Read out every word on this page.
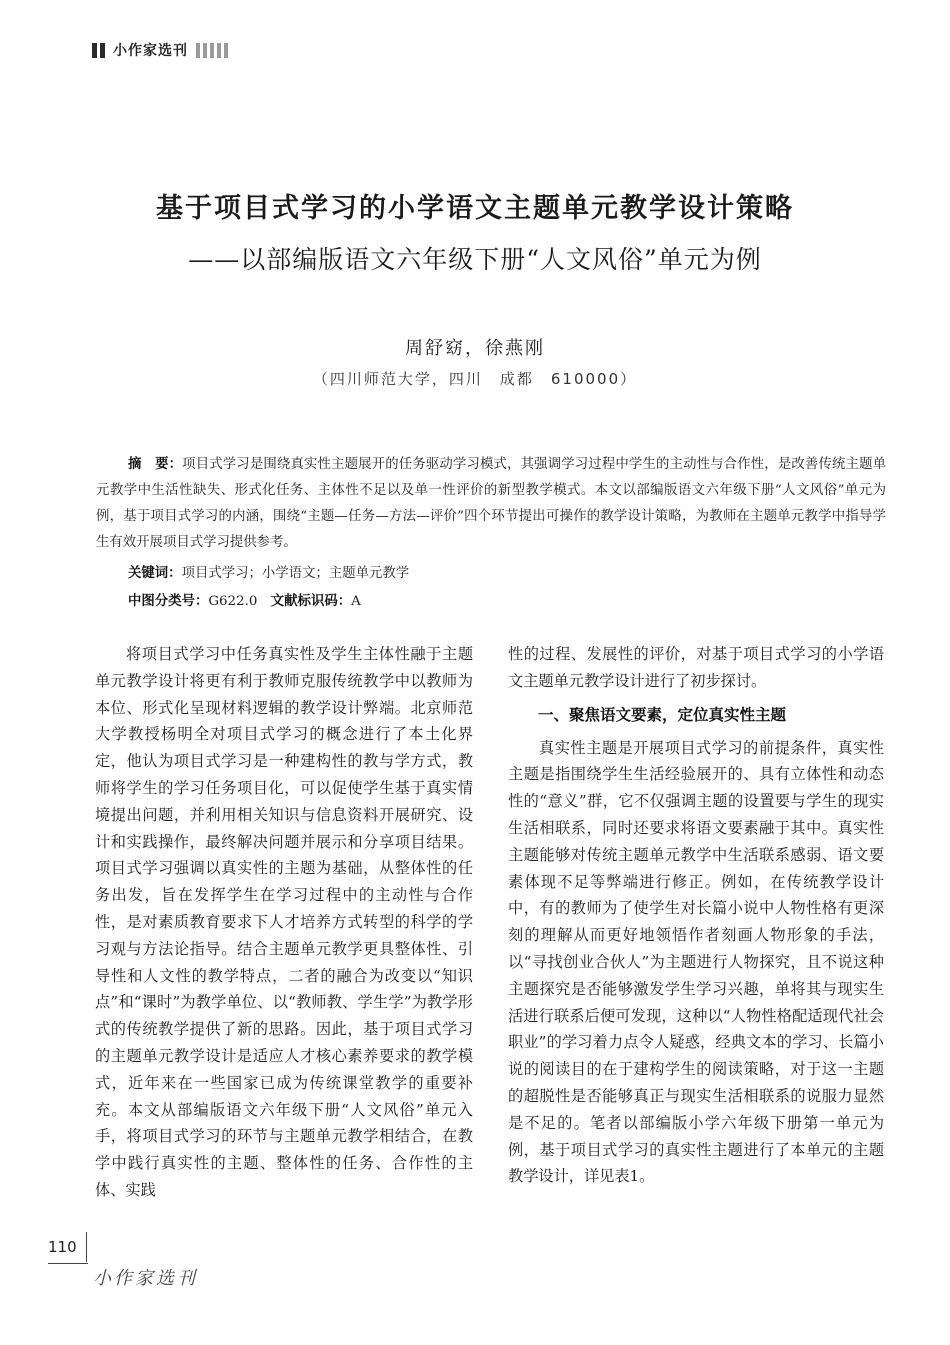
小作家选刊
基于项目式学习的小学语文主题单元教学设计策略
——以部编版语文六年级下册“人文风俗”单元为例
周舒窈，徐燕刚
（四川师范大学，四川　成都　610000）

摘　要：项目式学习是围绕真实性主题展开的任务驱动学习模式，其强调学习过程中学生的主动性与合作性，是改善传统主题单元教学中生活性缺失、形式化任务、主体性不足以及单一性评价的新型教学模式。本文以部编版语文六年级下册“人文风俗”单元为例，基于项目式学习的内涵，围绕“主题—任务—方法—评价”四个环节提出可操作的教学设计策略，为教师在主题单元教学中指导学生有效开展项目式学习提供参考。

关键词：项目式学习；小学语文；主题单元教学

中图分类号：G622.0　 文献标识码：A

将项目式学习中任务真实性及学生主体性融于主题单元教学设计将更有利于教师克服传统教学中以教师为本位、形式化呈现材料逻辑的教学设计弊端。北京师范大学教授杨明全对项目式学习的概念进行了本土化界定，他认为项目式学习是一种建构性的教与学方式，教师将学生的学习任务项目化，可以促使学生基于真实情境提出问题，并利用相关知识与信息资料开展研究、设计和实践操作，最终解决问题并展示和分享项目结果。项目式学习强调以真实性的主题为基础，从整体性的任务出发，旨在发挥学生在学习过程中的主动性与合作性，是对素质教育要求下人才培养方式转型的科学的学习观与方法论指导。结合主题单元教学更具整体性、引导性和人文性的教学特点，二者的融合为改变以“知识点”和“课时”为教学单位、以“教师教、学生学”为教学形式的传统教学提供了新的思路。因此，基于项目式学习的主题单元教学设计是适应人才核心素养要求的教学模式，近年来在一些国家已成为传统课堂教学的重要补充。本文从部编版语文六年级下册“人文风俗”单元入手，将项目式学习的环节与主题单元教学相结合，在教学中践行真实性的主题、整体性的任务、合作性的主体、实践

性的过程、发展性的评价，对基于项目式学习的小学语文主题单元教学设计进行了初步探讨。

一、聚焦语文要素，定位真实性主题

真实性主题是开展项目式学习的前提条件，真实性主题是指围绕学生生活经验展开的、具有立体性和动态性的“意义”群，它不仅强调主题的设置要与学生的现实生活相联系，同时还要求将语文要素融于其中。真实性主题能够对传统主题单元教学中生活联系感弱、语文要素体现不足等弊端进行修正。例如，在传统教学设计中，有的教师为了使学生对长篇小说中人物性格有更深刻的理解从而更好地领悟作者刻画人物形象的手法，以“寻找创业合伙人”为主题进行人物探究，且不说这种主题探究是否能够激发学生学习兴趣，单将其与现实生活进行联系后便可发现，这种以“人物性格配适现代社会职业”的学习着力点令人疑惑，经典文本的学习、长篇小说的阅读目的在于建构学生的阅读策略，对于这一主题的超脱性是否能够真正与现实生活相联系的说服力显然是不足的。笔者以部编版小学六年级下册第一单元为例，基于项目式学习的真实性主题进行了本单元的主题教学设计，详见表1。

110
小作家选刊
